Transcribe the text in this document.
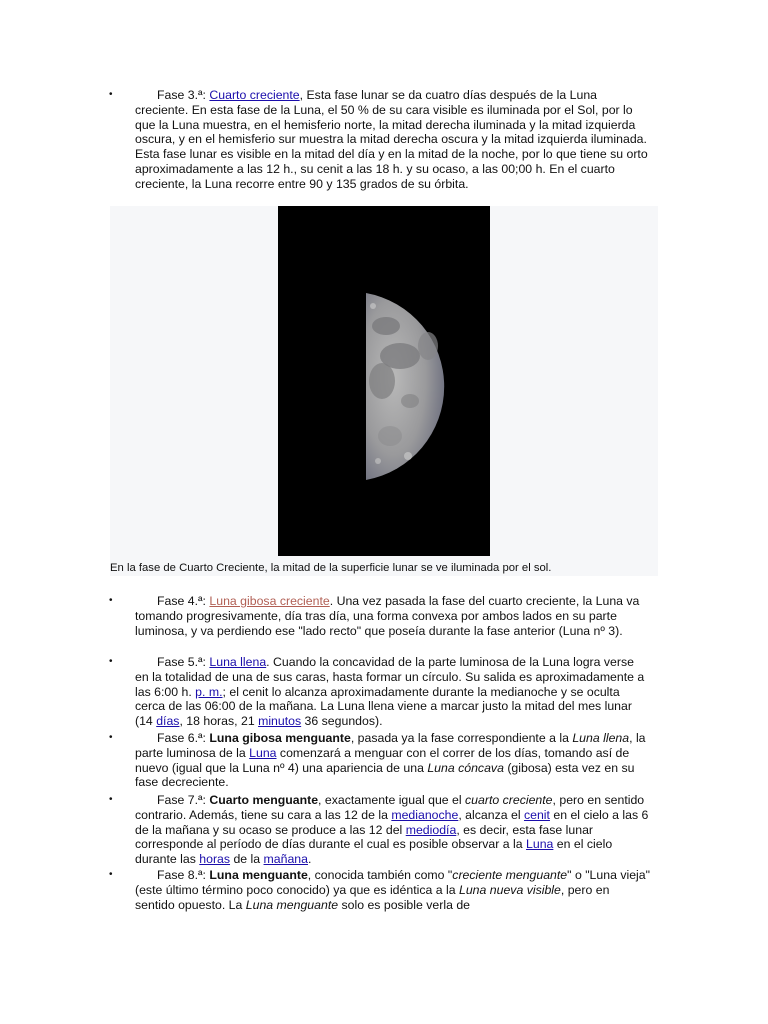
•	Fase 3.ª: Cuarto creciente, Esta fase lunar se da cuatro días después de la Luna creciente. En esta fase de la Luna, el 50 % de su cara visible es iluminada por el Sol, por lo que la Luna muestra, en el hemisferio norte, la mitad derecha iluminada y la mitad izquierda oscura, y en el hemisferio sur muestra la mitad derecha oscura y la mitad izquierda iluminada. Esta fase lunar es visible en la mitad del día y en la mitad de la noche, por lo que tiene su orto aproximadamente a las 12 h., su cenit a las 18 h. y su ocaso, a las 00;00 h. En el cuarto creciente, la Luna recorre entre 90 y 135 grados de su órbita.
En la fase de Cuarto Creciente, la mitad de la superficie lunar se ve iluminada por el sol.
•	Fase 4.ª: Luna gibosa creciente. Una vez pasada la fase del cuarto creciente, la Luna va tomando progresivamente, día tras día, una forma convexa por ambos lados en su parte luminosa, y va perdiendo ese "lado recto" que poseía durante la fase anterior (Luna nº 3).
•	Fase 5.ª: Luna llena. Cuando la concavidad de la parte luminosa de la Luna logra verse en la totalidad de una de sus caras, hasta formar un círculo. Su salida es aproximadamente a las 6:00 h. p. m.; el cenit lo alcanza aproximadamente durante la medianoche y se oculta cerca de las 06:00 de la mañana. La Luna llena viene a marcar justo la mitad del mes lunar (14 días, 18 horas, 21 minutos 36 segundos).
•	Fase 6.ª: Luna gibosa menguante, pasada ya la fase correspondiente a la Luna llena, la parte luminosa de la Luna comenzará a menguar con el correr de los días, tomando así de nuevo (igual que la Luna nº 4) una apariencia de una Luna cóncava (gibosa) esta vez en su fase decreciente.
•	Fase 7.ª: Cuarto menguante, exactamente igual que el cuarto creciente, pero en sentido contrario. Además, tiene su cara a las 12 de la medianoche, alcanza el cenit en el cielo a las 6 de la mañana y su ocaso se produce a las 12 del mediodía, es decir, esta fase lunar corresponde al período de días durante el cual es posible observar a la Luna en el cielo durante las horas de la mañana.
•	Fase 8.ª: Luna menguante, conocida también como "creciente menguante" o "Luna vieja" (este último término poco conocido) ya que es idéntica a la Luna nueva visible, pero en sentido opuesto. La Luna menguante solo es posible verla de
